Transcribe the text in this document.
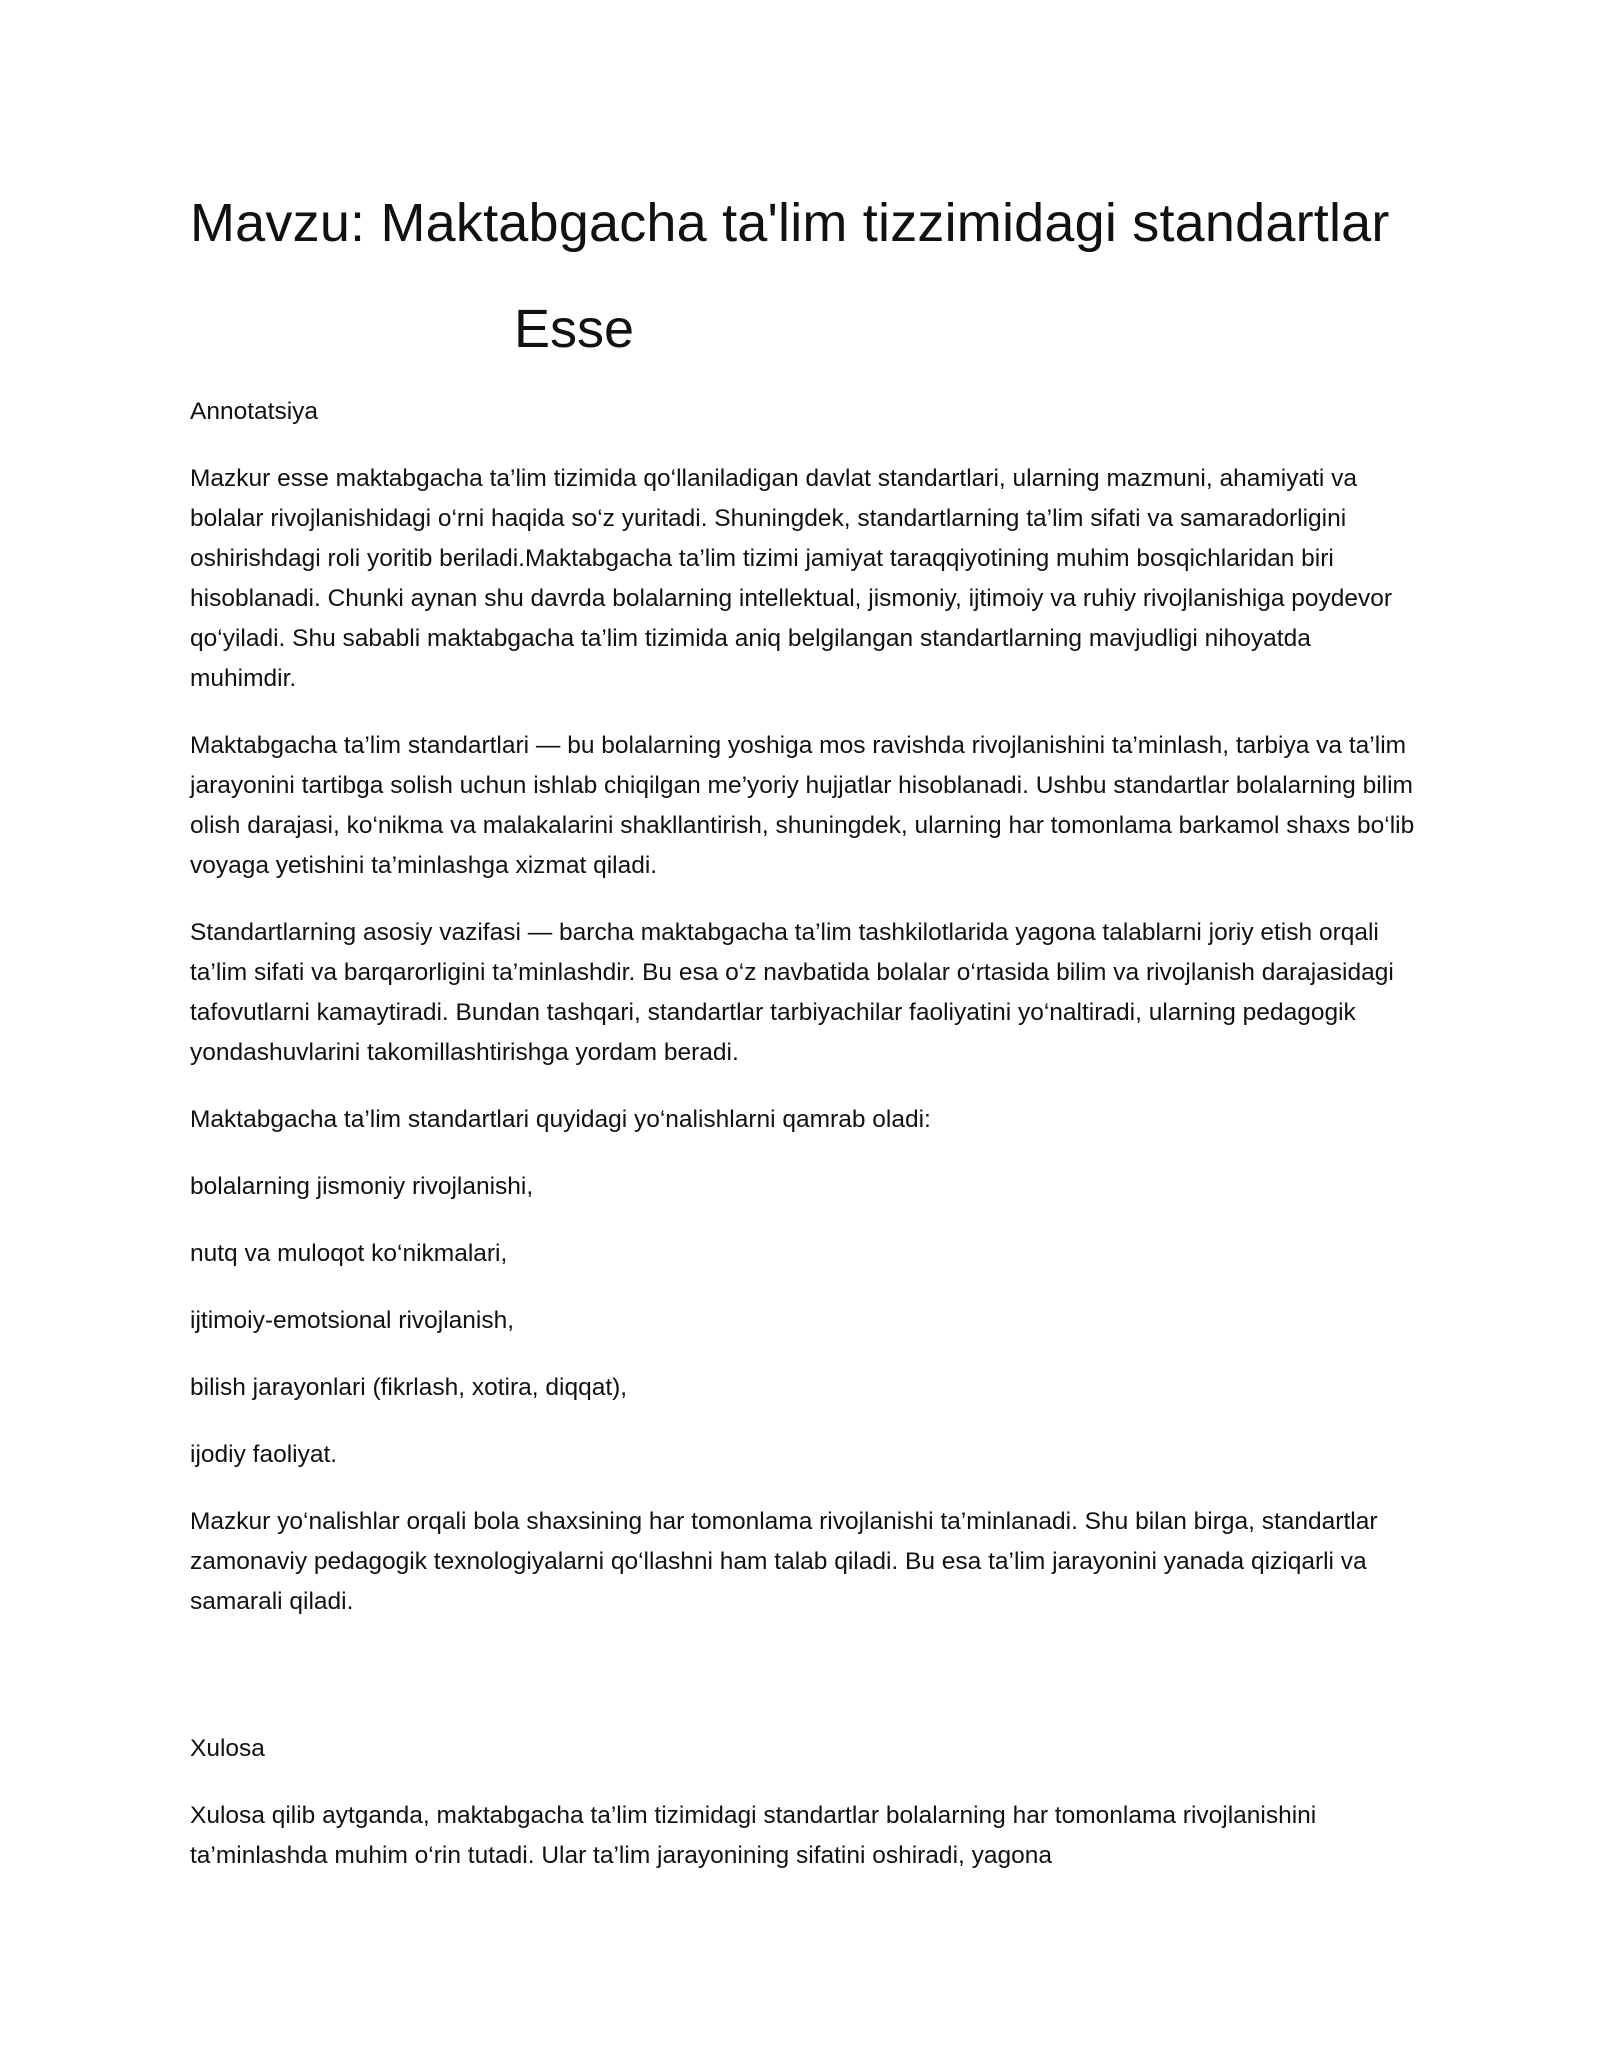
Mavzu: Maktabgacha ta'lim tizzimidagi standartlar
Esse

Annotatsiya

Mazkur esse maktabgacha ta’lim tizimida qo‘llaniladigan davlat standartlari, ularning mazmuni, ahamiyati va bolalar rivojlanishidagi o‘rni haqida so‘z yuritadi. Shuningdek, standartlarning ta’lim sifati va samaradorligini oshirishdagi roli yoritib beriladi.Maktabgacha ta’lim tizimi jamiyat taraqqiyotining muhim bosqichlaridan biri hisoblanadi. Chunki aynan shu davrda bolalarning intellektual, jismoniy, ijtimoiy va ruhiy rivojlanishiga poydevor qo‘yiladi. Shu sababli maktabgacha ta’lim tizimida aniq belgilangan standartlarning mavjudligi nihoyatda muhimdir.

Maktabgacha ta’lim standartlari — bu bolalarning yoshiga mos ravishda rivojlanishini ta’minlash, tarbiya va ta’lim jarayonini tartibga solish uchun ishlab chiqilgan me’yoriy hujjatlar hisoblanadi. Ushbu standartlar bolalarning bilim olish darajasi, ko‘nikma va malakalarini shakllantirish, shuningdek, ularning har tomonlama barkamol shaxs bo‘lib voyaga yetishini ta’minlashga xizmat qiladi.

Standartlarning asosiy vazifasi — barcha maktabgacha ta’lim tashkilotlarida yagona talablarni joriy etish orqali ta’lim sifati va barqarorligini ta’minlashdir. Bu esa o‘z navbatida bolalar o‘rtasida bilim va rivojlanish darajasidagi tafovutlarni kamaytiradi. Bundan tashqari, standartlar tarbiyachilar faoliyatini yo‘naltiradi, ularning pedagogik yondashuvlarini takomillashtirishga yordam beradi.

Maktabgacha ta’lim standartlari quyidagi yo‘nalishlarni qamrab oladi:

bolalarning jismoniy rivojlanishi,

nutq va muloqot ko‘nikmalari,

ijtimoiy-emotsional rivojlanish,

bilish jarayonlari (fikrlash, xotira, diqqat),

ijodiy faoliyat.

Mazkur yo‘nalishlar orqali bola shaxsining har tomonlama rivojlanishi ta’minlanadi. Shu bilan birga, standartlar zamonaviy pedagogik texnologiyalarni qo‘llashni ham talab qiladi. Bu esa ta’lim jarayonini yanada qiziqarli va samarali qiladi.

Xulosa

Xulosa qilib aytganda, maktabgacha ta’lim tizimidagi standartlar bolalarning har tomonlama rivojlanishini ta’minlashda muhim o‘rin tutadi. Ular ta’lim jarayonining sifatini oshiradi, yagona
